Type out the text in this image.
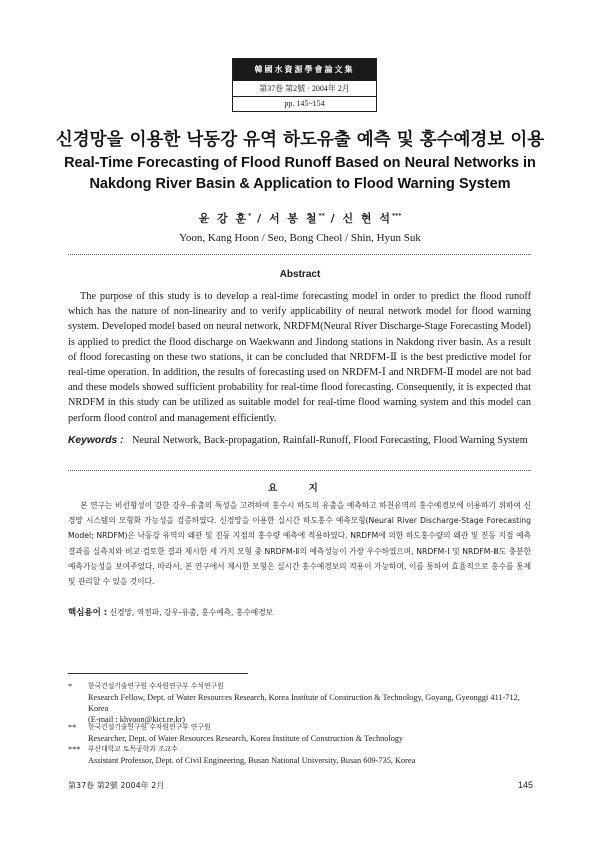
韓國水資源學會論文集
第37卷 第2號 · 2004年 2月
pp. 145~154
신경망을 이용한 낙동강 유역 하도유출 예측 및 홍수예경보 이용
Real-Time Forecasting of Flood Runoff Based on Neural Networks in Nakdong River Basin & Application to Flood Warning System
윤 강 훈* / 서 봉 철** / 신 현 석***
Yoon, Kang Hoon / Seo, Bong Cheol / Shin, Hyun Suk
Abstract
The purpose of this study is to develop a real-time forecasting model in order to predict the flood runoff which has the nature of non-linearity and to verify applicability of neural network model for flood warning system. Developed model based on neural network, NRDFM(Neural River Discharge-Stage Forecasting Model) is applied to predict the flood discharge on Waekwann and Jindong stations in Nakdong river basin. As a result of flood forecasting on these two stations, it can be concluded that NRDFM-Ⅱ is the best predictive model for real-time operation. In addition, the results of forecasting used on NRDFM-Ⅰ and NRDFM-Ⅱ model are not bad and these models showed sufficient probability for real-time flood forecasting. Consequently, it is expected that NRDFM in this study can be utilized as suitable model for real-time flood warning system and this model can perform flood control and management efficiently.
Keywords : Neural Network, Back-propagation, Rainfall-Runoff, Flood Forecasting, Flood Warning System
요 지
본 연구는 비선형성이 강한 강우-유출의 특성을 고려하여 홍수시 하도의 유출을 예측하고 하천유역의 홍수예경보에 이용하기 위하여 신경망 시스템의 모형화 가능성을 검증하였다. 신경망을 이용한 실시간 하도홍수 예측모형(Neural River Discharge-Stage Forecasting Model; NRDFM)은 낙동강 유역의 왜관 및 진동 지점의 홍수량 예측에 적용하였다. NRDFM에 의한 하도홍수량의 왜관 및 진동 지점 예측결과를 실측치와 비교·검토한 결과 제시한 세 가지 모형 중 NRDFM-Ⅱ의 예측성능이 가장 우수하였으며, NRDFM-Ⅰ 및 NRDFM-Ⅲ도 충분한 예측가능성을 보여주었다. 따라서, 본 연구에서 제시한 모형은 실시간 홍수예경보의 적용이 가능하며, 이를 통하여 효율적으로 홍수를 통제 및 관리할 수 있을 것이다.
핵심용어 : 신경망, 역전파, 강우-유출, 홍수예측, 홍수예경보
* 한국건설기술연구원 수자원연구부 수석연구원
Research Fellow, Dept. of Water Resources Research, Korea Institute of Construction & Technology, Goyang, Gyeonggi 411-712, Korea
(E-mail : khyoon@kict.re.kr)
** 한국건설기술연구원 수자원연구부 연구원
Researcher, Dept. of Water Resources Research, Korea Institute of Construction & Technology
*** 부산대학교 토목공학과 조교수
Assistant Professor, Dept. of Civil Engineering, Busan National University, Busan 609-735, Korea
第37卷 第2號 2004年 2月	145
